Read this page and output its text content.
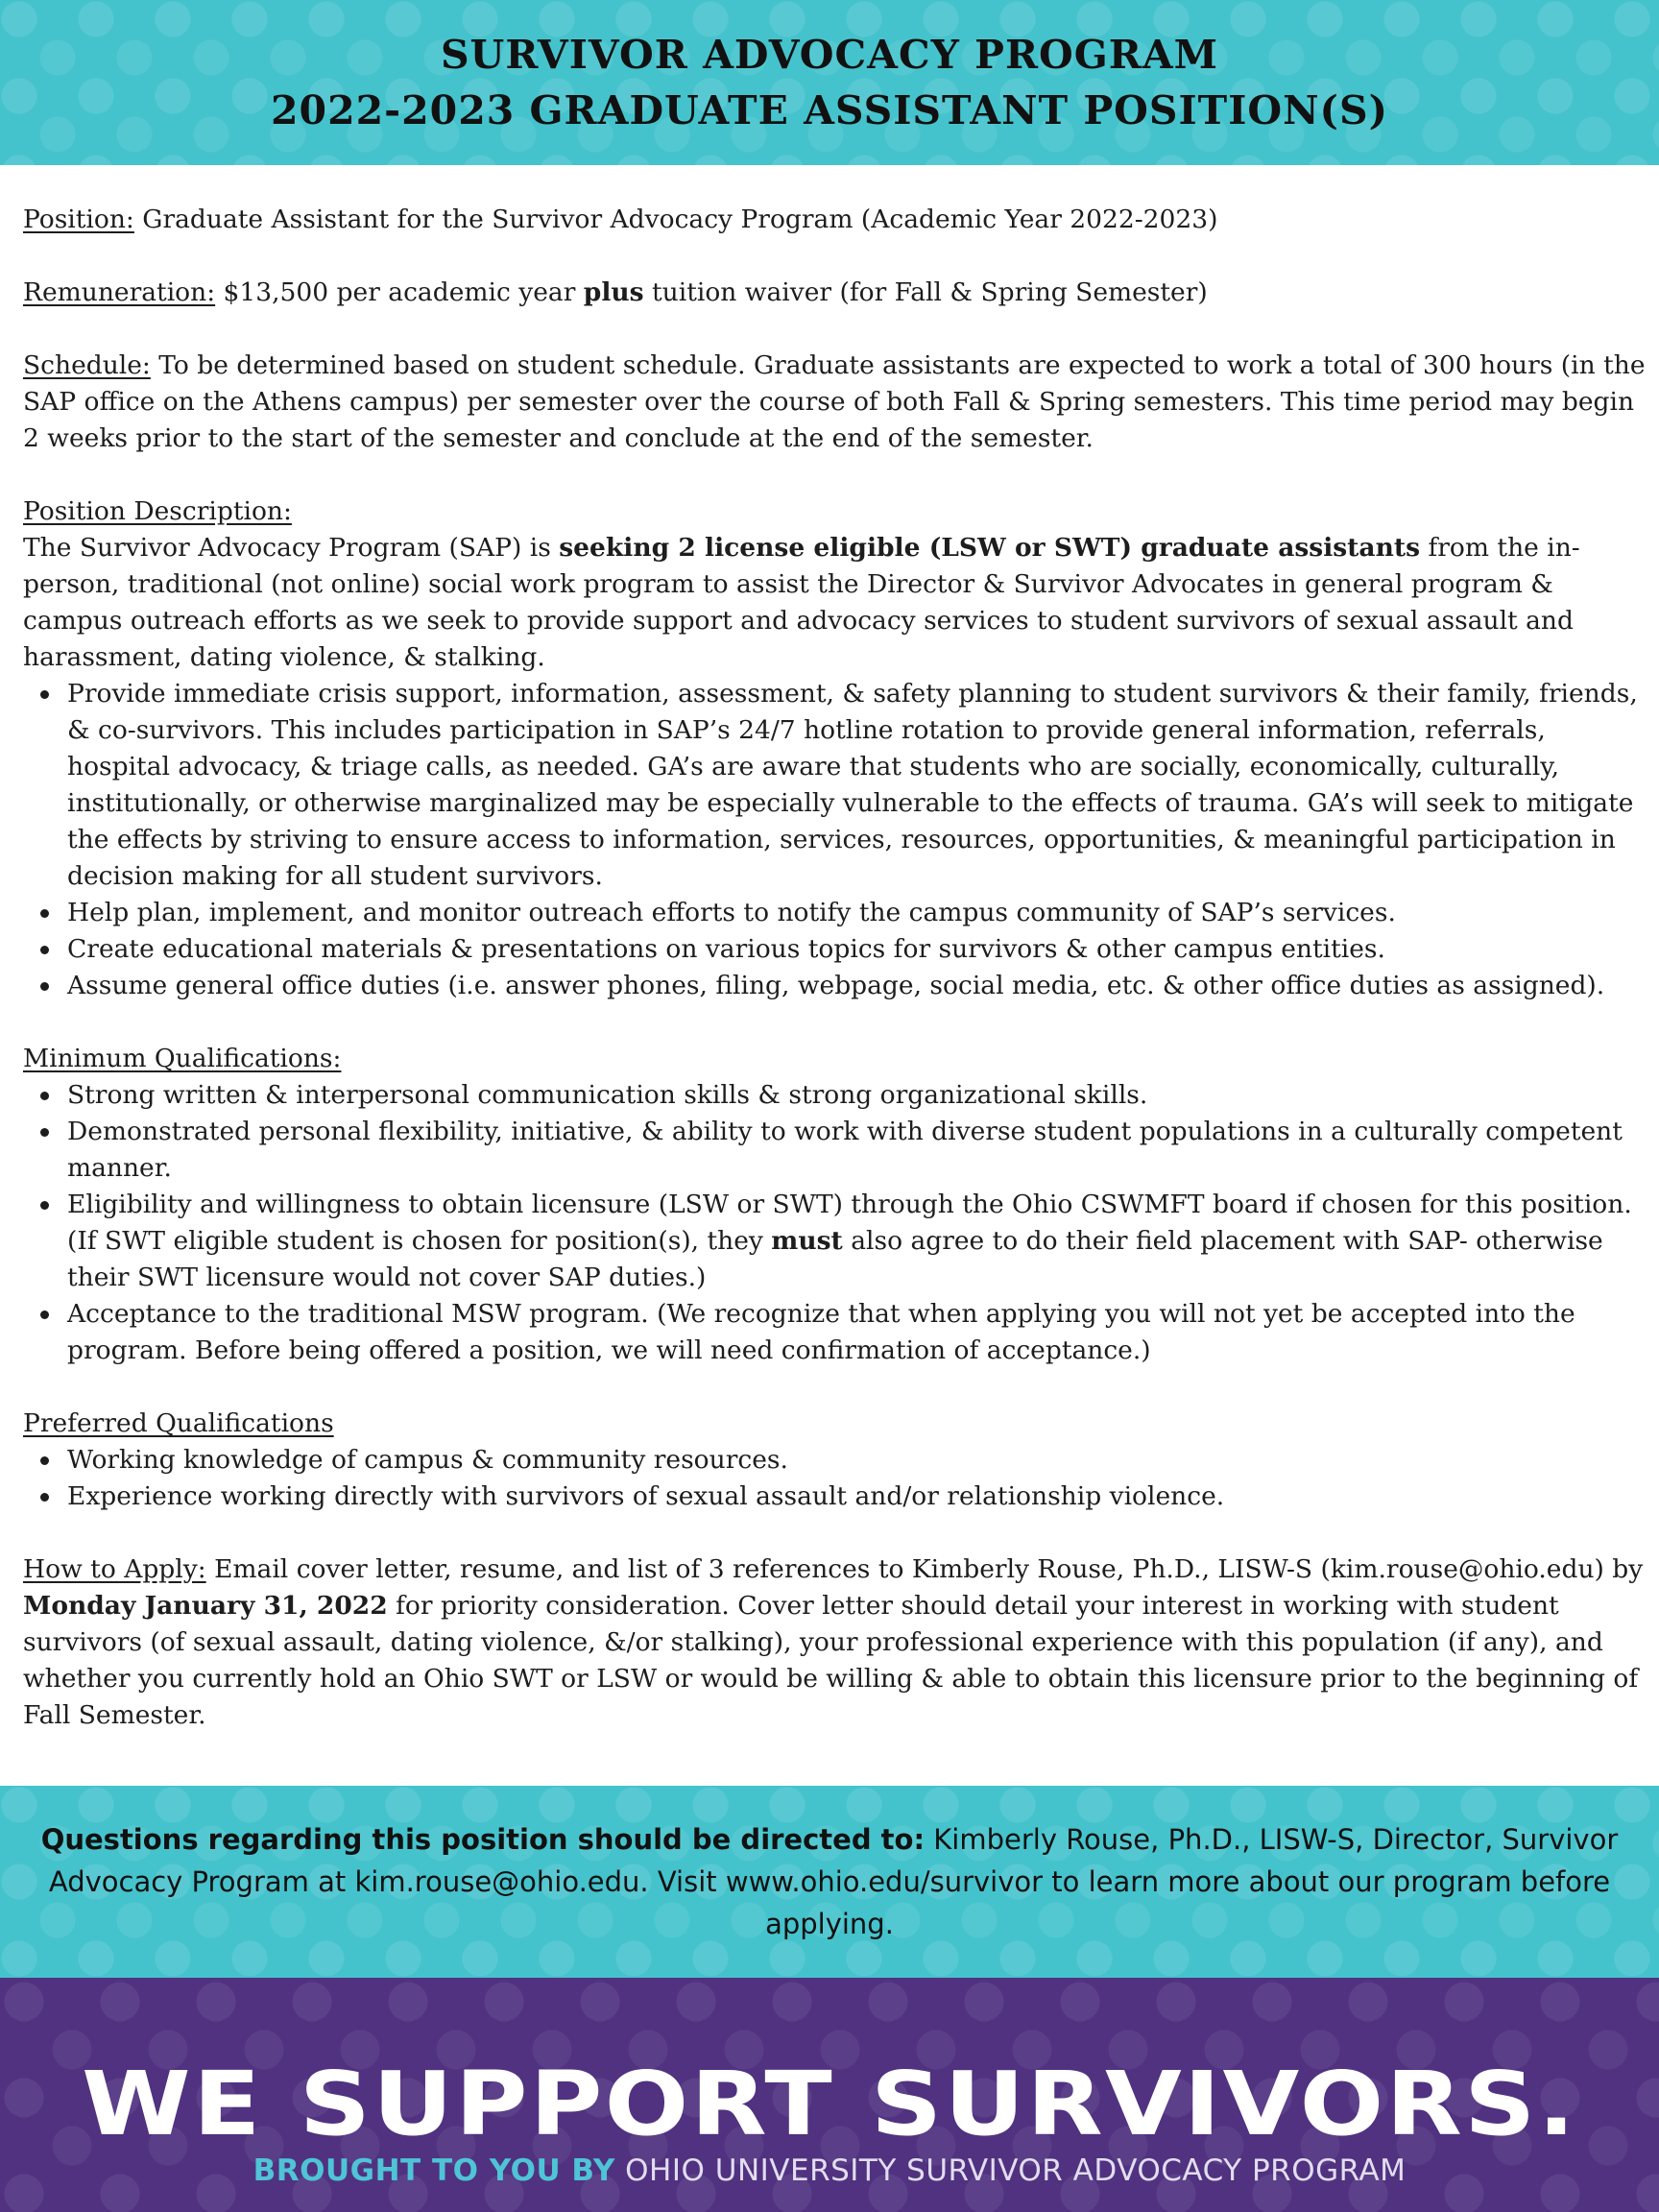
SURVIVOR ADVOCACY PROGRAM
2022-2023 GRADUATE ASSISTANT POSITION(S)
Position: Graduate Assistant for the Survivor Advocacy Program (Academic Year 2022-2023)
Remuneration: $13,500 per academic year plus tuition waiver (for Fall & Spring Semester)
Schedule: To be determined based on student schedule. Graduate assistants are expected to work a total of 300 hours (in the SAP office on the Athens campus) per semester over the course of both Fall & Spring semesters. This time period may begin 2 weeks prior to the start of the semester and conclude at the end of the semester.
Position Description:
The Survivor Advocacy Program (SAP) is seeking 2 license eligible (LSW or SWT) graduate assistants from the in-person, traditional (not online) social work program to assist the Director & Survivor Advocates in general program & campus outreach efforts as we seek to provide support and advocacy services to student survivors of sexual assault and harassment, dating violence, & stalking.
Provide immediate crisis support, information, assessment, & safety planning to student survivors & their family, friends, & co-survivors. This includes participation in SAP’s 24/7 hotline rotation to provide general information, referrals, hospital advocacy, & triage calls, as needed. GA’s are aware that students who are socially, economically, culturally, institutionally, or otherwise marginalized may be especially vulnerable to the effects of trauma. GA’s will seek to mitigate the effects by striving to ensure access to information, services, resources, opportunities, & meaningful participation in decision making for all student survivors.
Help plan, implement, and monitor outreach efforts to notify the campus community of SAP’s services.
Create educational materials & presentations on various topics for survivors & other campus entities.
Assume general office duties (i.e. answer phones, filing, webpage, social media, etc. & other office duties as assigned).
Minimum Qualifications:
Strong written & interpersonal communication skills & strong organizational skills.
Demonstrated personal flexibility, initiative, & ability to work with diverse student populations in a culturally competent manner.
Eligibility and willingness to obtain licensure (LSW or SWT) through the Ohio CSWMFT board if chosen for this position. (If SWT eligible student is chosen for position(s), they must also agree to do their field placement with SAP- otherwise their SWT licensure would not cover SAP duties.)
Acceptance to the traditional MSW program. (We recognize that when applying you will not yet be accepted into the program. Before being offered a position, we will need confirmation of acceptance.)
Preferred Qualifications
Working knowledge of campus & community resources.
Experience working directly with survivors of sexual assault and/or relationship violence.
How to Apply: Email cover letter, resume, and list of 3 references to Kimberly Rouse, Ph.D., LISW-S (kim.rouse@ohio.edu) by Monday January 31, 2022 for priority consideration. Cover letter should detail your interest in working with student survivors (of sexual assault, dating violence, &/or stalking), your professional experience with this population (if any), and whether you currently hold an Ohio SWT or LSW or would be willing & able to obtain this licensure prior to the beginning of Fall Semester.

Questions regarding this position should be directed to: Kimberly Rouse, Ph.D., LISW-S, Director, Survivor Advocacy Program at kim.rouse@ohio.edu. Visit www.ohio.edu/survivor to learn more about our program before applying.

WE SUPPORT SURVIVORS.
BROUGHT TO YOU BY OHIO UNIVERSITY SURVIVOR ADVOCACY PROGRAM
